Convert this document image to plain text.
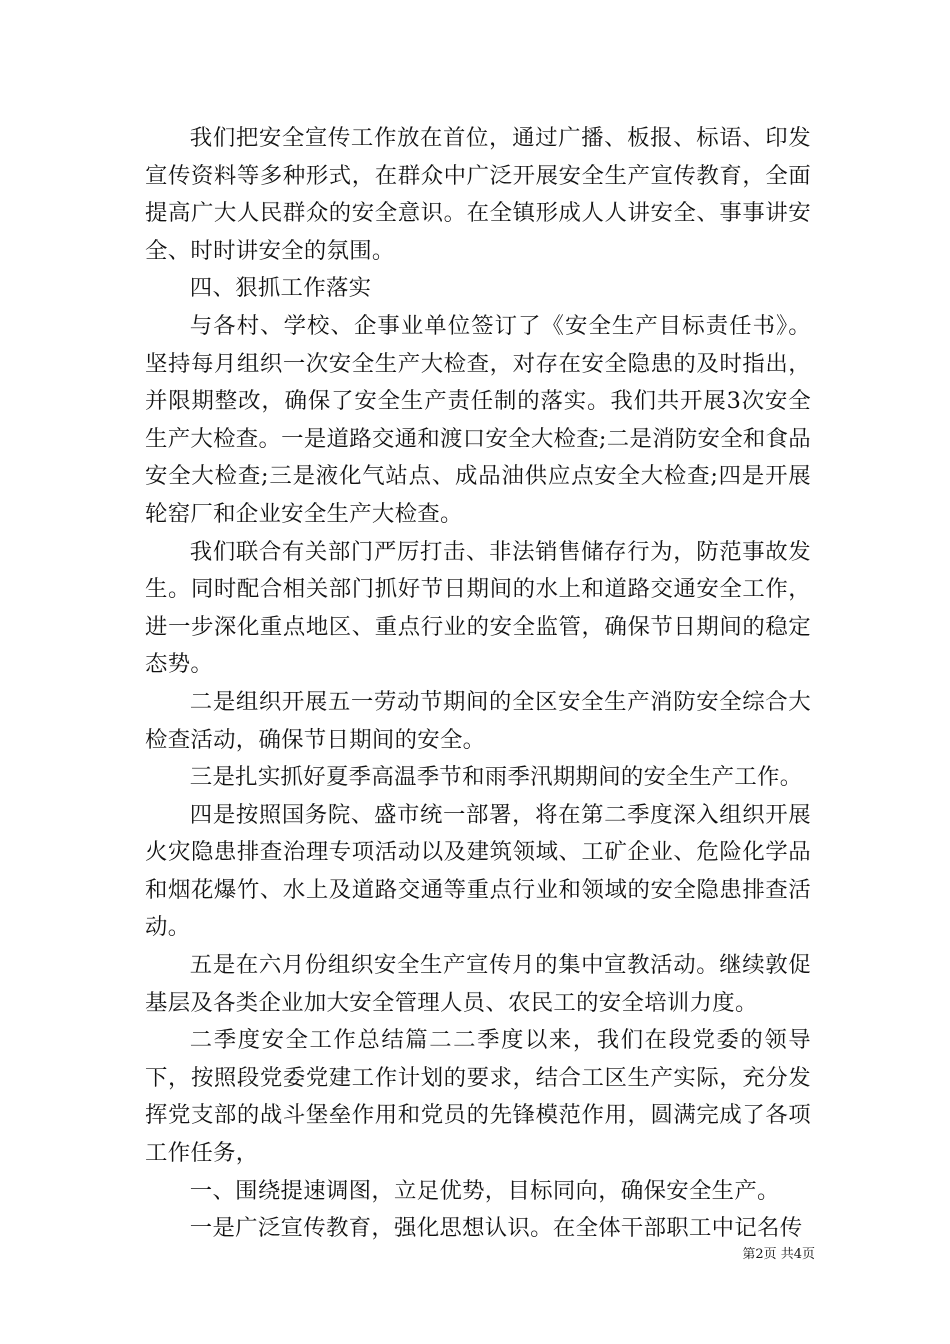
我们把安全宣传工作放在首位，通过广播、板报、标语、印发宣传资料等多种形式，在群众中广泛开展安全生产宣传教育，全面提高广大人民群众的安全意识。在全镇形成人人讲安全、事事讲安全、时时讲安全的氛围。

四、狠抓工作落实

与各村、学校、企事业单位签订了《安全生产目标责任书》。坚持每月组织一次安全生产大检查，对存在安全隐患的及时指出，并限期整改，确保了安全生产责任制的落实。我们共开展3次安全生产大检查。一是道路交通和渡口安全大检查;二是消防安全和食品安全大检查;三是液化气站点、成品油供应点安全大检查;四是开展轮窑厂和企业安全生产大检查。

我们联合有关部门严厉打击、非法销售储存行为，防范事故发生。同时配合相关部门抓好节日期间的水上和道路交通安全工作，进一步深化重点地区、重点行业的安全监管，确保节日期间的稳定态势。

二是组织开展五一劳动节期间的全区安全生产消防安全综合大检查活动，确保节日期间的安全。

三是扎实抓好夏季高温季节和雨季汛期期间的安全生产工作。

四是按照国务院、盛市统一部署，将在第二季度深入组织开展火灾隐患排查治理专项活动以及建筑领域、工矿企业、危险化学品和烟花爆竹、水上及道路交通等重点行业和领域的安全隐患排查活动。

五是在六月份组织安全生产宣传月的集中宣教活动。继续敦促基层及各类企业加大安全管理人员、农民工的安全培训力度。

二季度安全工作总结篇二二季度以来，我们在段党委的领导下，按照段党委党建工作计划的要求，结合工区生产实际，充分发挥党支部的战斗堡垒作用和党员的先锋模范作用，圆满完成了各项工作任务，

一、围绕提速调图，立足优势，目标同向，确保安全生产。

一是广泛宣传教育，强化思想认识。在全体干部职工中记名传

第2页 共4页
